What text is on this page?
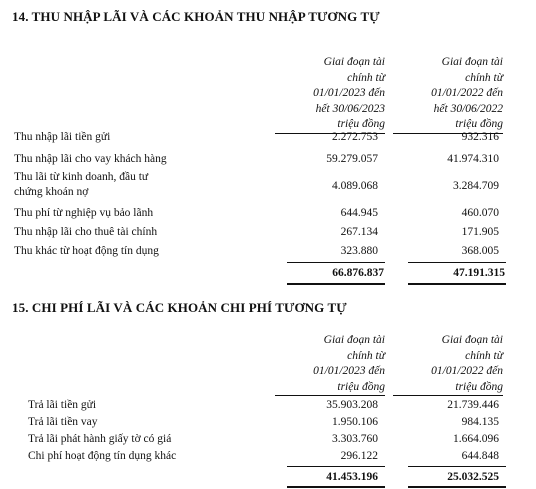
14. THU NHẬP LÃI VÀ CÁC KHOẢN THU NHẬP TƯƠNG TỰ
Giai đoạn tài
chính từ
01/01/2023 đến
hết 30/06/2023
triệu đồng
Giai đoạn tài
chính từ
01/01/2022 đến
hết 30/06/2022
triệu đồng
Thu nhập lãi tiền gửi	2.272.753	932.316
Thu nhập lãi cho vay khách hàng	59.279.057	41.974.310
Thu lãi từ kinh doanh, đầu tư
chứng khoán nợ	4.089.068	3.284.709
Thu phí từ nghiệp vụ bảo lãnh	644.945	460.070
Thu nhập lãi cho thuê tài chính	267.134	171.905
Thu khác từ hoạt động tín dụng	323.880	368.005
66.876.837	47.191.315
15. CHI PHÍ LÃI VÀ CÁC KHOẢN CHI PHÍ TƯƠNG TỰ
Giai đoạn tài
chính từ
01/01/2023 đến
triệu đồng
Giai đoạn tài
chính từ
01/01/2022 đến
triệu đồng
Trả lãi tiền gửi	35.903.208	21.739.446
Trả lãi tiền vay	1.950.106	984.135
Trả lãi phát hành giấy tờ có giá	3.303.760	1.664.096
Chi phí hoạt động tín dụng khác	296.122	644.848
41.453.196	25.032.525
